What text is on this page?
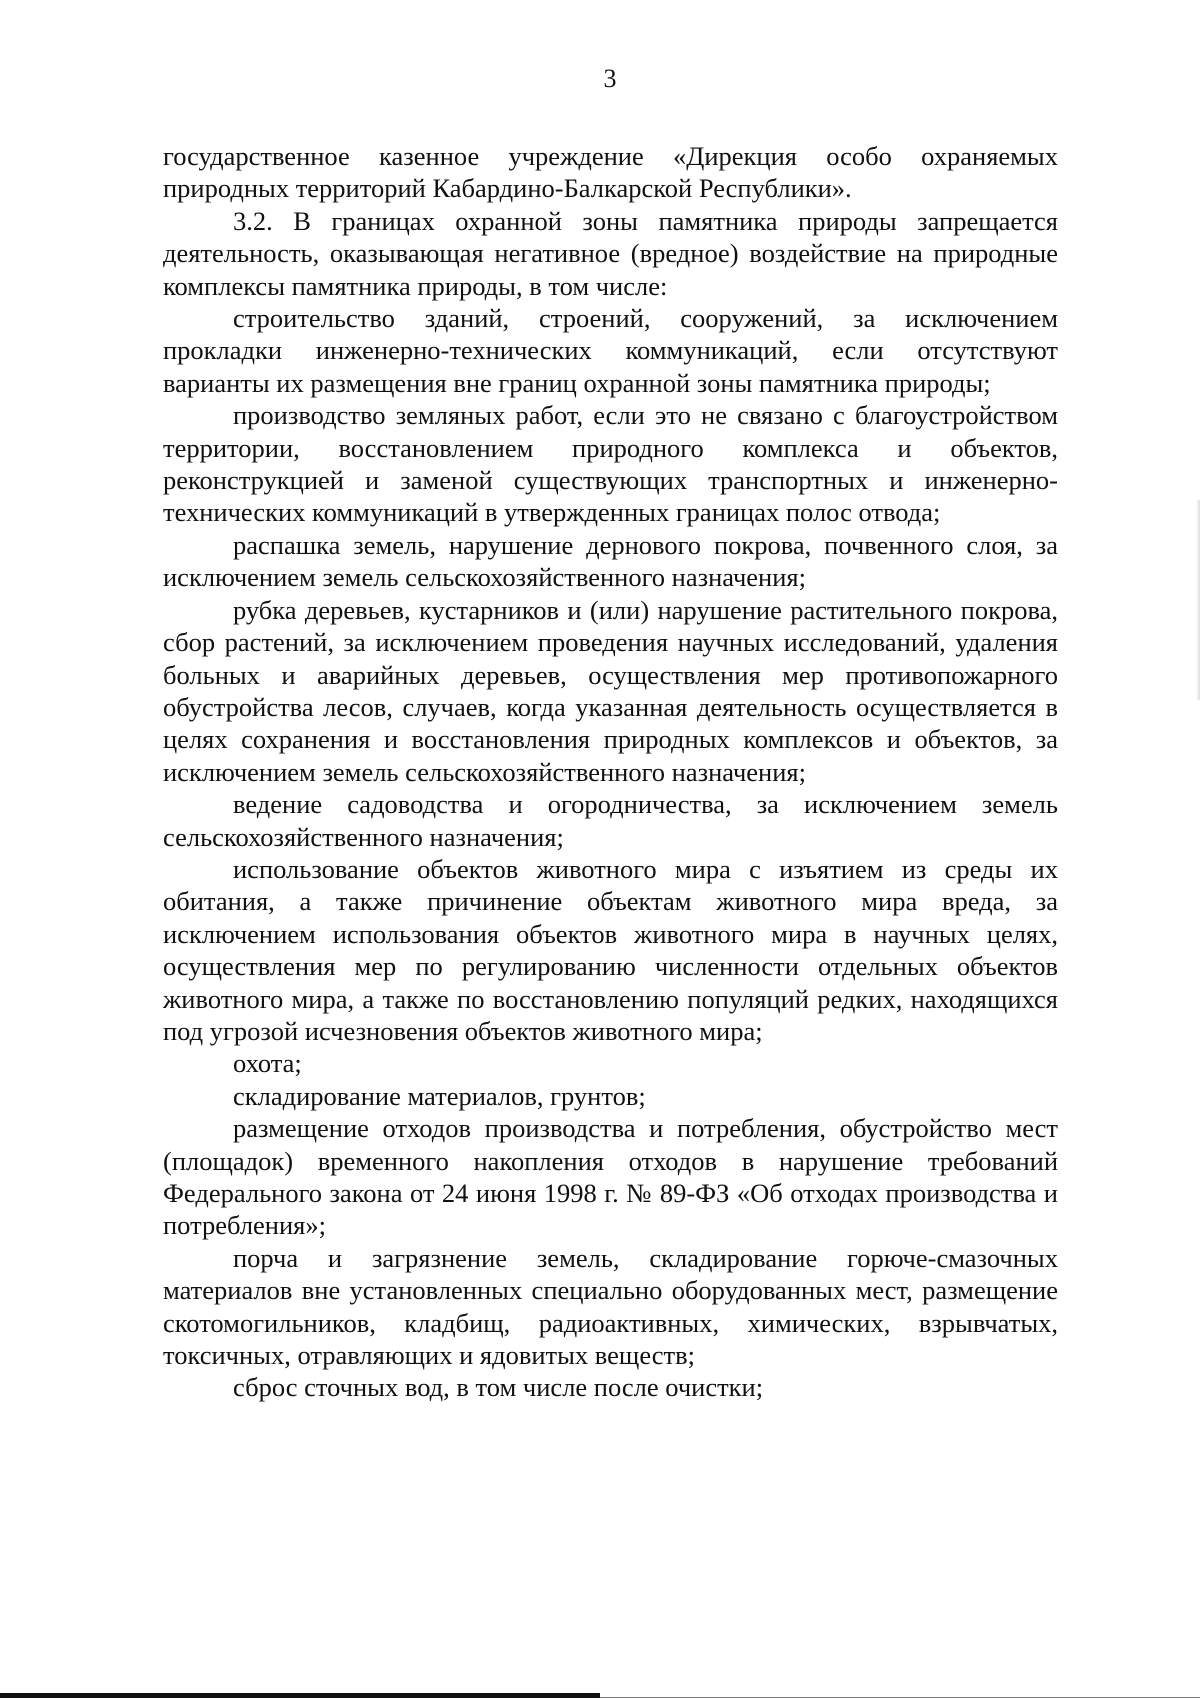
3

государственное казенное учреждение «Дирекция особо охраняемых природных территорий Кабардино-Балкарской Республики».

3.2. В границах охранной зоны памятника природы запрещается деятельность, оказывающая негативное (вредное) воздействие на природные комплексы памятника природы, в том числе:

строительство зданий, строений, сооружений, за исключением прокладки инженерно-технических коммуникаций, если отсутствуют варианты их размещения вне границ охранной зоны памятника природы;

производство земляных работ, если это не связано с благоустройством территории, восстановлением природного комплекса и объектов, реконструкцией и заменой существующих транспортных и инженерно-технических коммуникаций в утвержденных границах полос отвода;

распашка земель, нарушение дернового покрова, почвенного слоя, за исключением земель сельскохозяйственного назначения;

рубка деревьев, кустарников и (или) нарушение растительного покрова, сбор растений, за исключением проведения научных исследований, удаления больных и аварийных деревьев, осуществления мер противопожарного обустройства лесов, случаев, когда указанная деятельность осуществляется в целях сохранения и восстановления природных комплексов и объектов, за исключением земель сельскохозяйственного назначения;

ведение садоводства и огородничества, за исключением земель сельскохозяйственного назначения;

использование объектов животного мира с изъятием из среды их обитания, а также причинение объектам животного мира вреда, за исключением использования объектов животного мира в научных целях, осуществления мер по регулированию численности отдельных объектов животного мира, а также по восстановлению популяций редких, находящихся под угрозой исчезновения объектов животного мира;

охота;

складирование материалов, грунтов;

размещение отходов производства и потребления, обустройство мест (площадок) временного накопления отходов в нарушение требований Федерального закона от 24 июня 1998 г. № 89-ФЗ «Об отходах производства и потребления»;

порча и загрязнение земель, складирование горюче-смазочных материалов вне установленных специально оборудованных мест, размещение скотомогильников, кладбищ, радиоактивных, химических, взрывчатых, токсичных, отравляющих и ядовитых веществ;

сброс сточных вод, в том числе после очистки;
